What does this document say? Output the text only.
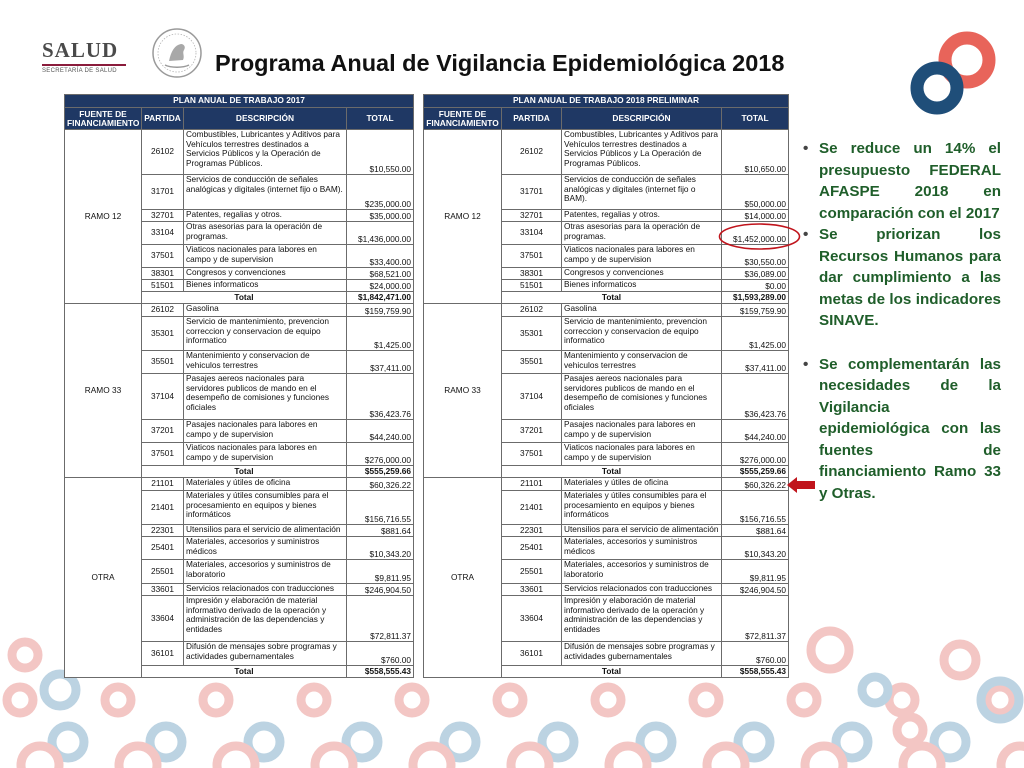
SALUD
SECRETARÍA DE SALUD	Programa Anual de Vigilancia Epidemiológica 2018
PLAN ANUAL DE TRABAJO 2017			
FUENTE DE FINANCIAMIENTO	PARTIDA	DESCRIPCIÓN	TOTAL
RAMO 12	26102	Combustibles, Lubricantes y Aditivos para Vehículos terrestres destinados a Servicios Públicos y la Operación de Programas Públicos.	$10,550.00
	31701	Servicios de conducción de señales analógicas y digitales (internet fijo o BAM).	$235,000.00
	32701	Patentes, regalias y otros.	$35,000.00
	33104	Otras asesorias para la operación de programas.	$1,436,000.00
	37501	Viaticos nacionales para labores en campo y de supervision	$33,400.00
	38301	Congresos y convenciones	$68,521.00
	51501	Bienes informaticos	$24,000.00
	Total		$1,842,471.00
RAMO 33	26102	Gasolina	$159,759.90
	35301	Servicio de mantenimiento, prevencion correccion y conservacion de equipo informatico	$1,425.00
	35501	Mantenimiento y conservacion de vehiculos terrestres	$37,411.00
	37104	Pasajes aereos nacionales para servidores publicos de mando en el desempeño de comisiones y funciones oficiales	$36,423.76
	37201	Pasajes nacionales para labores en campo y de supervision	$44,240.00
	37501	Viaticos nacionales para labores en campo y de supervision	$276,000.00
	Total		$555,259.66
OTRA	21101	Materiales y útiles de oficina	$60,326.22
	21401	Materiales y útiles consumibles para el procesamiento en equipos y bienes informáticos	$156,716.55
	22301	Utensilios para el servicio de alimentación	$881.64
	25401	Materiales, accesorios y suministros médicos	$10,343.20
	25501	Materiales, accesorios y suministros de laboratorio	$9,811.95
	33601	Servicios relacionados con traducciones	$246,904.50
	33604	Impresión y elaboración de material informativo derivado de la operación y administración de las dependencias y entidades	$72,811.37
	36101	Difusión de mensajes sobre programas y actividades gubernamentales	$760.00
	Total		$558,555.43
PLAN ANUAL DE TRABAJO 2018 PRELIMINAR			
FUENTE DE FINANCIAMIENTO	PARTIDA	DESCRIPCIÓN	TOTAL
RAMO 12	26102	Combustibles, Lubricantes y Aditivos para Vehículos terrestres destinados a Servicios Públicos y La Operación de Programas Públicos.	$10,650.00
	31701	Servicios de conducción de señales analógicas y digitales (internet fijo o BAM).	$50,000.00
	32701	Patentes, regalias y otros.	$14,000.00
	33104	Otras asesorias para la operación de programas.	$1,452,000.00
	37501	Viaticos nacionales para labores en campo y de supervision	$30,550.00
	38301	Congresos y convenciones	$36,089.00
	51501	Bienes informaticos	$0.00
	Total		$1,593,289.00
RAMO 33	26102	Gasolina	$159,759.90
	35301	Servicio de mantenimiento, prevencion correccion y conservacion de equipo informatico	$1,425.00
	35501	Mantenimiento y conservacion de vehiculos terrestres	$37,411.00
	37104	Pasajes aereos nacionales para servidores publicos de mando en el desempeño de comisiones y funciones oficiales	$36,423.76
	37201	Pasajes nacionales para labores en campo y de supervision	$44,240.00
	37501	Viaticos nacionales para labores en campo y de supervision	$276,000.00
	Total		$555,259.66
OTRA	21101	Materiales y útiles de oficina	$60,326.22
	21401	Materiales y útiles consumibles para el procesamiento en equipos y bienes informáticos	$156,716.55
	22301	Utensilios para el servicio de alimentación	$881.64
	25401	Materiales, accesorios y suministros médicos	$10,343.20
	25501	Materiales, accesorios y suministros de laboratorio	$9,811.95
	33601	Servicios relacionados con traducciones	$246,904.50
	33604	Impresión y elaboración de material informativo derivado de la operación y administración de las dependencias y entidades	$72,811.37
	36101	Difusión de mensajes sobre programas y actividades gubernamentales	$760.00
	Total		$558,555.43
• Se reduce un 14% el presupuesto FEDERAL AFASPE 2018 en comparación con el 2017
• Se priorizan los Recursos Humanos para dar cumplimiento a las metas de los indicadores SINAVE.
• Se complementarán las necesidades de la Vigilancia epidemiológica con las fuentes de financiamiento Ramo 33 y Otras.
